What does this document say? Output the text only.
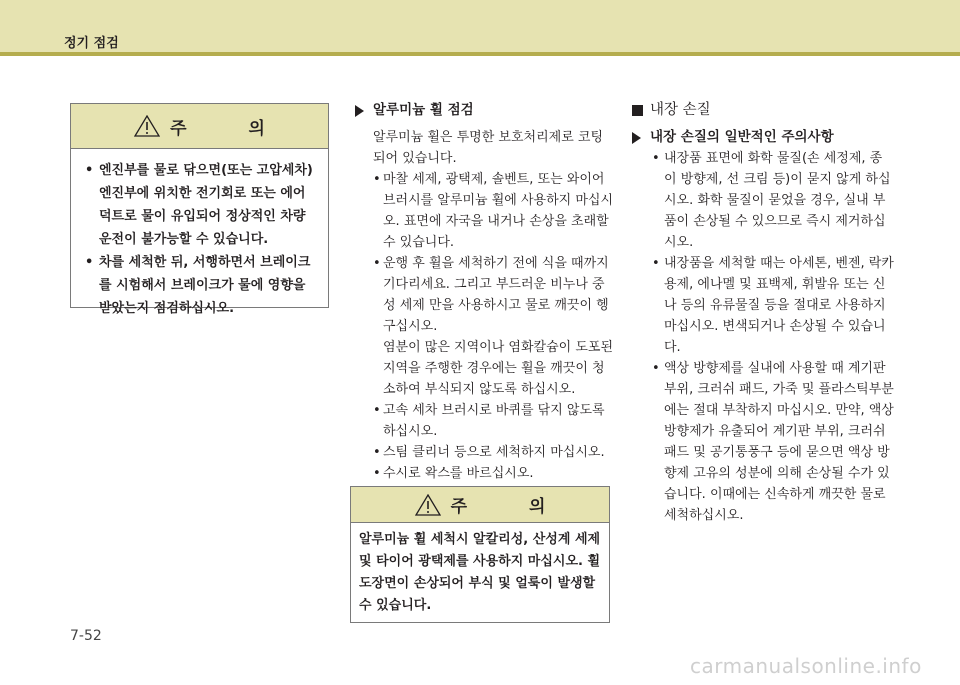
정기 점검
주 의
• 엔진부를 물로 닦으면(또는 고압세차) 엔진부에 위치한 전기회로 또는 에어덕트로 물이 유입되어 정상적인 차량운전이 불가능할 수 있습니다.
• 차를 세척한 뒤, 서행하면서 브레이크를 시험해서 브레이크가 물에 영향을 받았는지 점검하십시오.
알루미늄 휠 점검
알루미늄 휠은 투명한 보호처리제로 코팅 되어 있습니다.
• 마찰 세제, 광택제, 솔벤트, 또는 와이어 브러시를 알루미늄 휠에 사용하지 마십시오. 표면에 자국을 내거나 손상을 초래할 수 있습니다.
• 운행 후 휠을 세척하기 전에 식을 때까지 기다리세요. 그리고 부드러운 비누나 중성 세제 만을 사용하시고 물로 깨끗이 헹구십시오.
염분이 많은 지역이나 염화칼슘이 도포된 지역을 주행한 경우에는 휠을 깨끗이 청소하여 부식되지 않도록 하십시오.
• 고속 세차 브러시로 바퀴를 닦지 않도록 하십시오.
• 스팀 클리너 등으로 세척하지 마십시오.
• 수시로 왁스를 바르십시오.
주 의
알루미늄 휠 세척시 알칼리성, 산성계 세제 및 타이어 광택제를 사용하지 마십시오. 휠 도장면이 손상되어 부식 및 얼룩이 발생할 수 있습니다.
내장 손질
내장 손질의 일반적인 주의사항
• 내장품 표면에 화학 물질(손 세정제, 종이 방향제, 선 크림 등)이 묻지 않게 하십시오. 화학 물질이 묻었을 경우, 실내 부품이 손상될 수 있으므로 즉시 제거하십시오.
• 내장품을 세척할 때는 아세톤, 벤젠, 락카 용제, 에나멜 및 표백제, 휘발유 또는 신나 등의 유류물질 등을 절대로 사용하지 마십시오. 변색되거나 손상될 수 있습니다.
• 액상 방향제를 실내에 사용할 때 계기판 부위, 크러쉬 패드, 가죽 및 플라스틱부분에는 절대 부착하지 마십시오. 만약, 액상 방향제가 유출되어 계기판 부위, 크러쉬 패드 및 공기통풍구 등에 묻으면 액상 방향제 고유의 성분에 의해 손상될 수가 있습니다. 이때에는 신속하게 깨끗한 물로 세척하십시오.
7-52
carmanualsonline.info
